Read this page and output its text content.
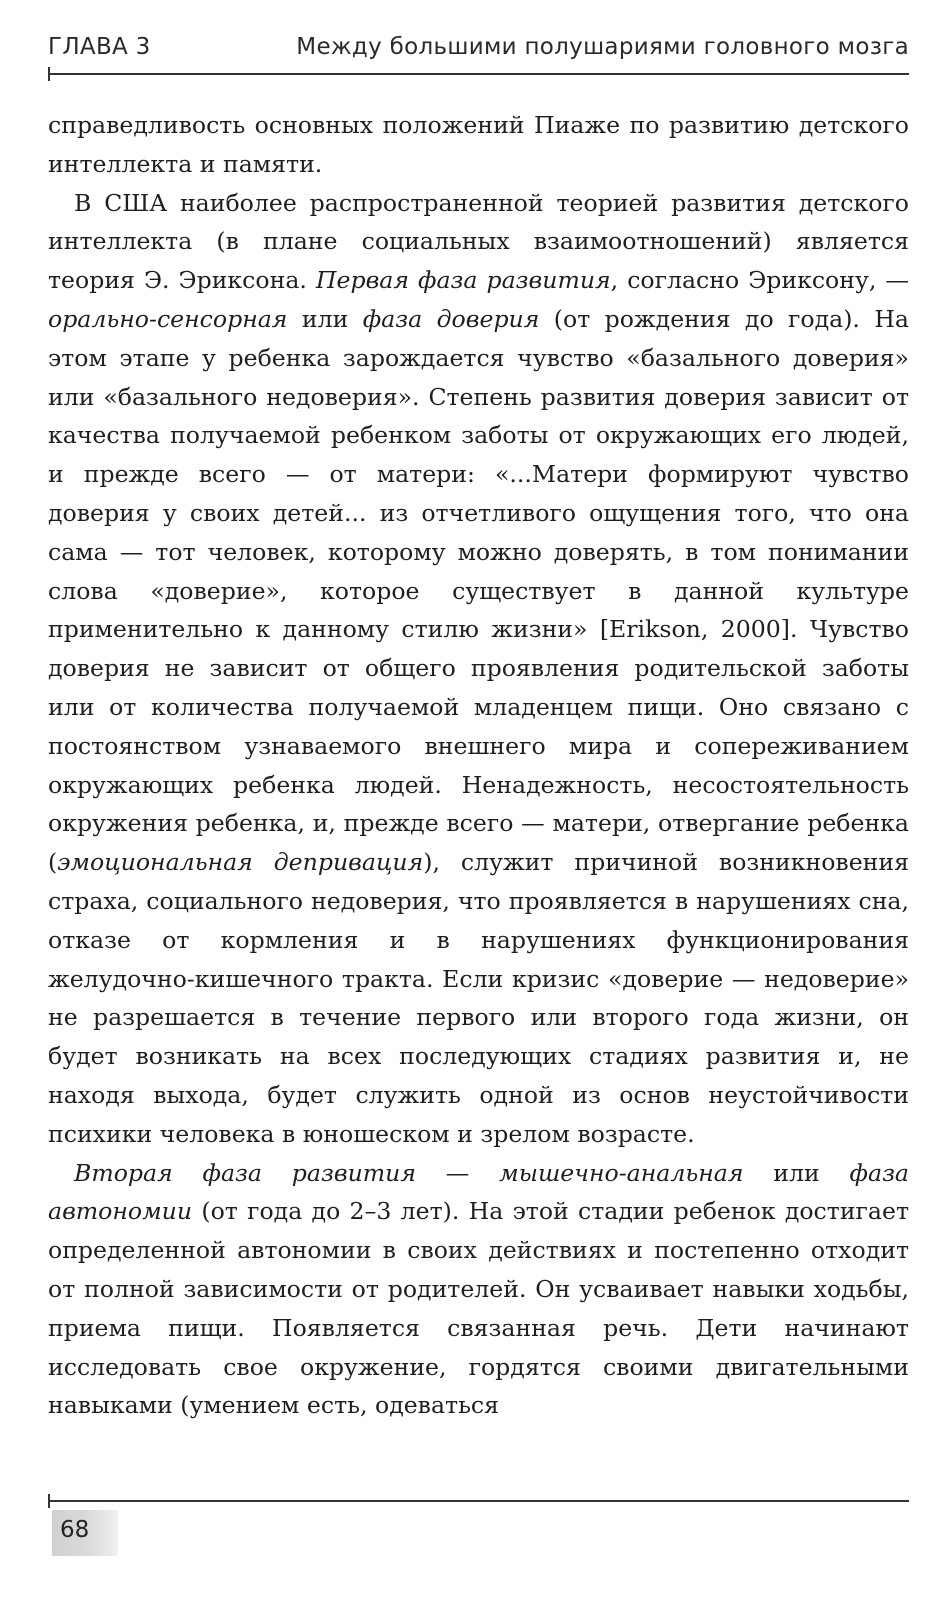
ГЛАВА 3	Между большими полушариями головного мозга

справедливость основных положений Пиаже по развитию детского интеллекта и памяти.

В США наиболее распространенной теорией развития детского интеллекта (в плане социальных взаимоотношений) является теория Э. Эриксона. Первая фаза развития, согласно Эриксону, — орально-сенсорная или фаза доверия (от рождения до года). На этом этапе у ребенка зарождается чувство «базального доверия» или «базального недоверия». Степень развития доверия зависит от качества получаемой ребенком заботы от окружающих его людей, и прежде всего — от матери: «...Матери формируют чувство доверия у своих детей... из отчетливого ощущения того, что она сама — тот человек, которому можно доверять, в том понимании слова «доверие», которое существует в данной культуре применительно к данному стилю жизни» [Erikson, 2000]. Чувство доверия не зависит от общего проявления родительской заботы или от количества получаемой младенцем пищи. Оно связано с постоянством узнаваемого внешнего мира и сопереживанием окружающих ребенка людей. Ненадежность, несостоятельность окружения ребенка, и, прежде всего — матери, отвергание ребенка (эмоциональная депривация), служит причиной возникновения страха, социального недоверия, что проявляется в нарушениях сна, отказе от кормления и в нарушениях функционирования желудочно-кишечного тракта. Если кризис «доверие — недоверие» не разрешается в течение первого или второго года жизни, он будет возникать на всех последующих стадиях развития и, не находя выхода, будет служить одной из основ неустойчивости психики человека в юношеском и зрелом возрасте.

Вторая фаза развития — мышечно-анальная или фаза автономии (от года до 2–3 лет). На этой стадии ребенок достигает определенной автономии в своих действиях и постепенно отходит от полной зависимости от родителей. Он усваивает навыки ходьбы, приема пищи. Появляется связанная речь. Дети начинают исследовать свое окружение, гордятся своими двигательными навыками (умением есть, одеваться

68
